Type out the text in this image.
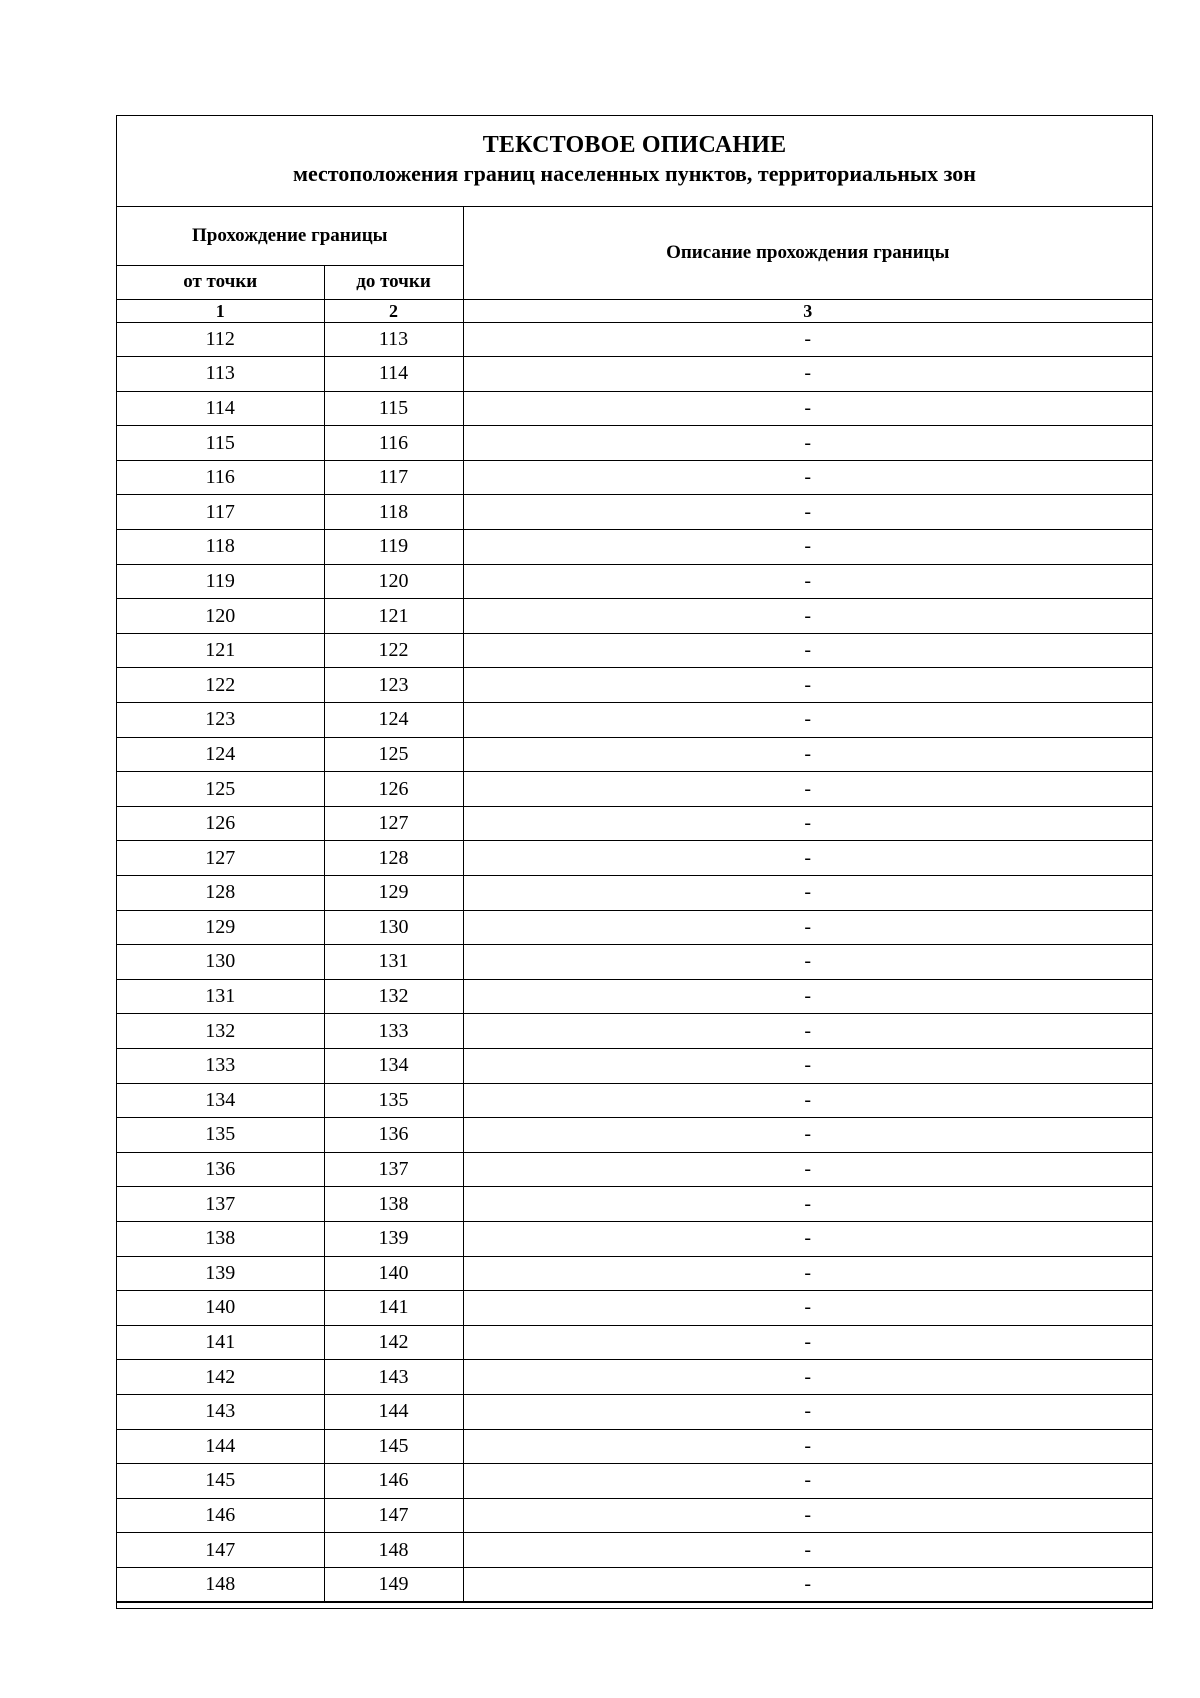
ТЕКСТОВОЕ ОПИСАНИЕ
местоположения границ населенных пунктов, территориальных зон
Прохождение границы		Описание прохождения границы
от точки	до точки	
1	2	3
112	113	-
113	114	-
114	115	-
115	116	-
116	117	-
117	118	-
118	119	-
119	120	-
120	121	-
121	122	-
122	123	-
123	124	-
124	125	-
125	126	-
126	127	-
127	128	-
128	129	-
129	130	-
130	131	-
131	132	-
132	133	-
133	134	-
134	135	-
135	136	-
136	137	-
137	138	-
138	139	-
139	140	-
140	141	-
141	142	-
142	143	-
143	144	-
144	145	-
145	146	-
146	147	-
147	148	-
148	149	-
